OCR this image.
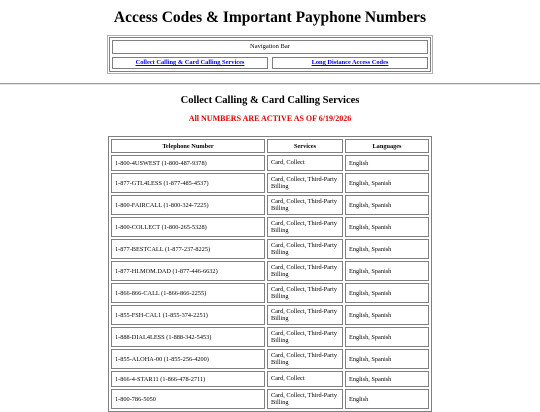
Access Codes & Important Payphone Numbers
Navigation Bar
Collect Calling & Card Calling Services	Long Distance Access Codes
Collect Calling & Card Calling Services

All NUMBERS ARE ACTIVE AS OF 6/19/2026

Telephone Number	Services	Languages
1-800-4USWEST (1-800-487-9378)	Card, Collect	English
1-877-GTL4LESS (1-877-485-4537)	Card, Collect, Third-Party Billing	English, Spanish
1-800-FAIRCALL (1-800-324-7225)	Card, Collect, Third-Party Billing	English, Spanish
1-800-COLLECT (1-800-265-5328)	Card, Collect, Third-Party Billing	English, Spanish
1-877-BESTCALL (1-877-237-8225)	Card, Collect, Third-Party Billing	English, Spanish
1-877-HI.MOM.DAD (1-877-446-6632)	Card, Collect, Third-Party Billing	English, Spanish
1-866-866-CALL (1-866-866-2255)	Card, Collect, Third-Party Billing	English, Spanish
1-855-FSH-CAL1 (1-855-374-2251)	Card, Collect, Third-Party Billing	English, Spanish
1-888-DIAL4LESS (1-888-342-5453)	Card, Collect, Third-Party Billing	English, Spanish
1-855-ALOHA-00 (1-855-256-4200)	Card, Collect, Third-Party Billing	English, Spanish
1-866-4-STAR11 (1-866-478-2711)	Card, Collect	English, Spanish
1-800-786-5050	Card, Collect, Third-Party Billing	English
